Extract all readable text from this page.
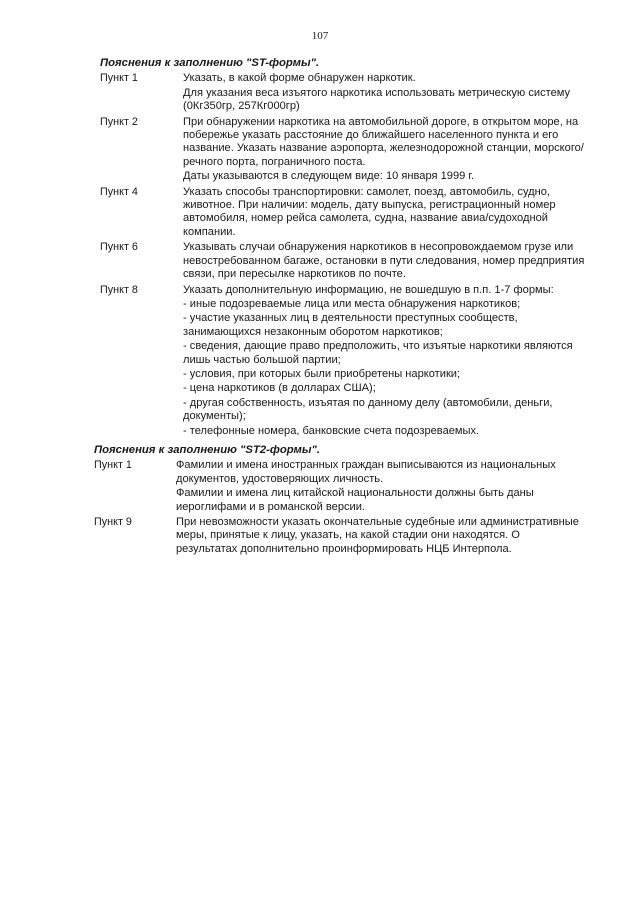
107
Пояснения к заполнению "ST-формы".
Пункт 1	Указать, в какой форме обнаружен наркотик.
Для указания веса изъятого наркотика использовать метрическую систему (0Кг350гр, 257Кг000гр)
Пункт 2	При обнаружении наркотика на автомобильной дороге, в открытом море, на побережье указать расстояние до ближайшего населенного пункта и его название. Указать название аэропорта, железнодорожной станции, морского/речного порта, пограничного поста.
Даты указываются в следующем виде: 10 января 1999 г.
Пункт 4	Указать способы транспортировки: самолет, поезд, автомобиль, судно, животное. При наличии: модель, дату выпуска, регистрационный номер автомобиля, номер рейса самолета, судна, название авиа/судоходной компании.
Пункт 6	Указывать случаи обнаружения наркотиков в несопровождаемом грузе или невостребованном багаже, остановки в пути следования, номер предприятия связи, при пересылке наркотиков по почте.
Пункт 8	Указать дополнительную информацию, не вошедшую в п.п. 1-7 формы:
- иные подозреваемые лица или места обнаружения наркотиков;
- участие указанных лиц в деятельности преступных сообществ, занимающихся незаконным оборотом наркотиков;
- сведения, дающие право предположить, что изъятые наркотики являются лишь частью большой партии;
- условия, при которых были приобретены наркотики;
- цена наркотиков (в долларах США);
- другая собственность, изъятая по данному делу (автомобили, деньги, документы);
- телефонные номера, банковские счета подозреваемых.
Пояснения к заполнению "ST2-формы".
Пункт 1	Фамилии и имена иностранных граждан выписываются из национальных документов, удостоверяющих личность.
Фамилии и имена лиц китайской национальности должны быть даны иероглифами и в романской версии.
Пункт 9	При невозможности указать окончательные судебные или административные меры, принятые к лицу, указать, на какой стадии они находятся. О результатах дополнительно проинформировать НЦБ Интерпола.
